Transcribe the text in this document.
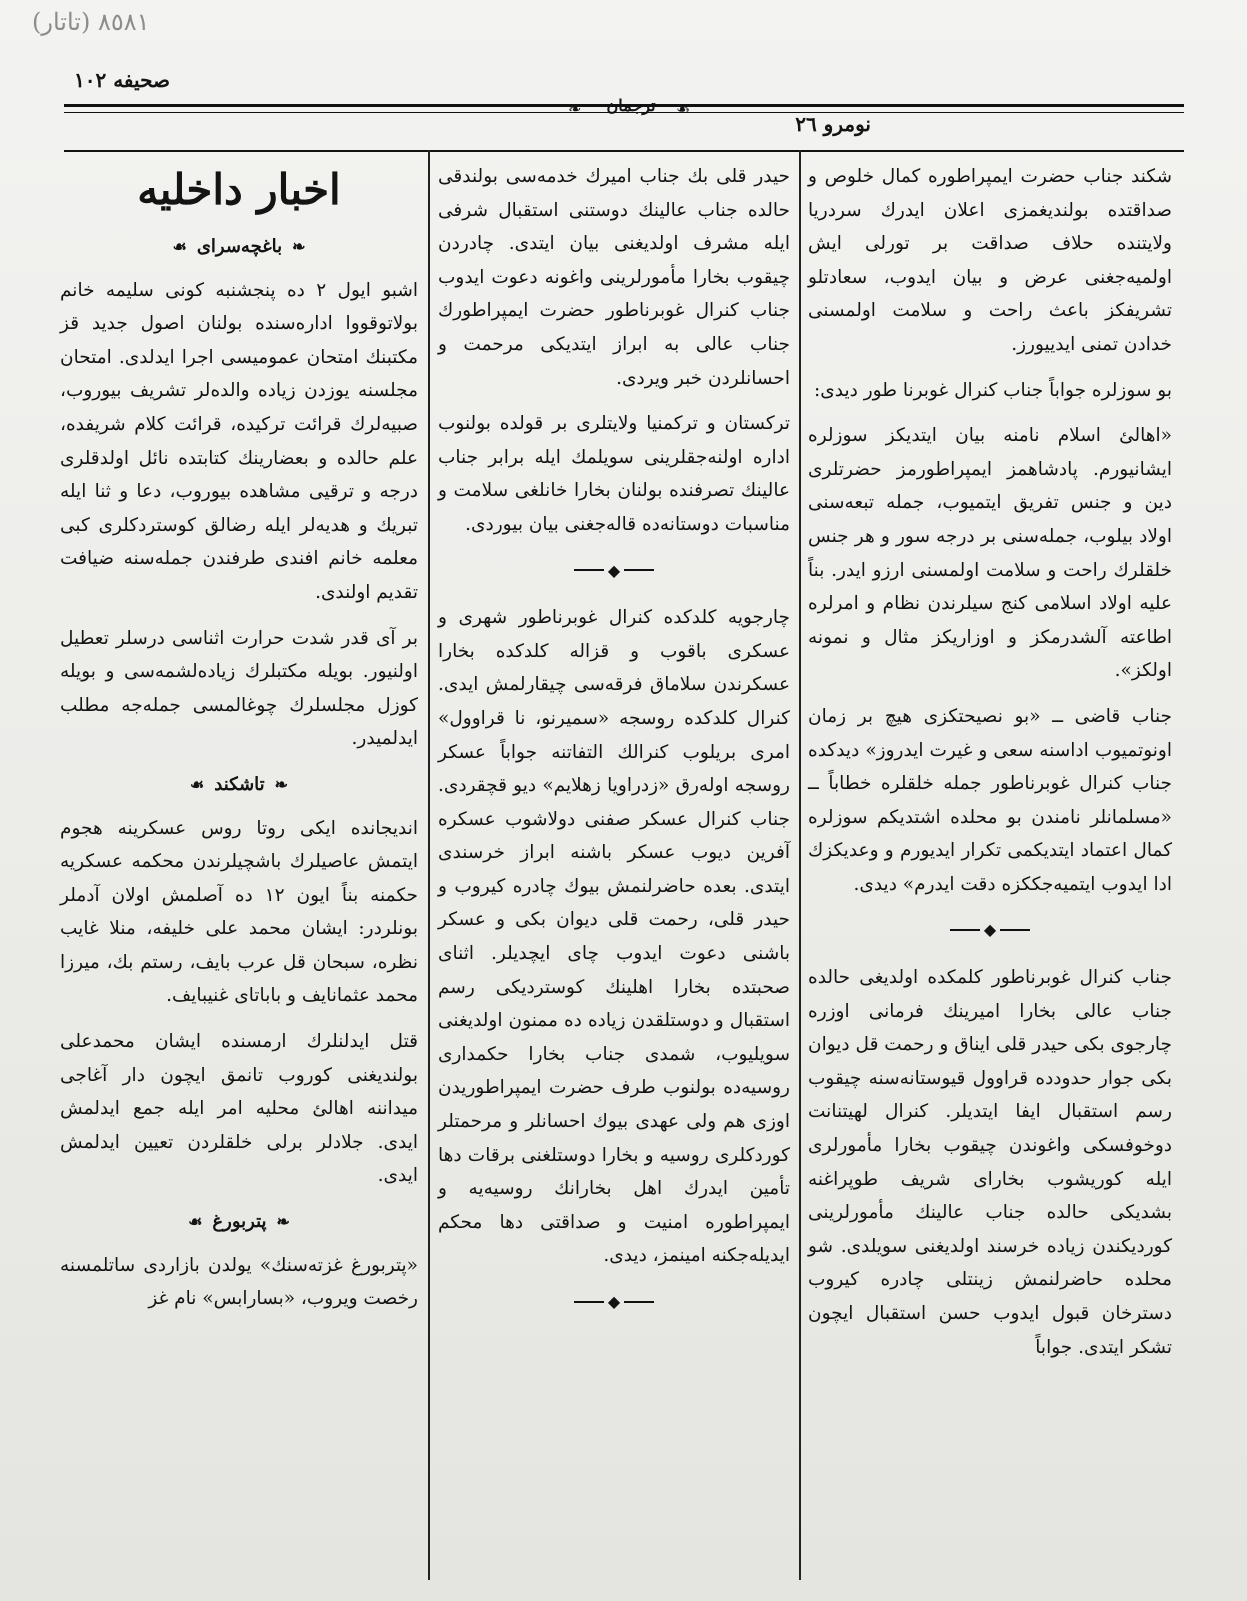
٨٥٨١ (تاتار)
صحيفه ١٠٢
❧	ترجمان	☙
نومرو ٢٦

شكند جناب حضرت ايمپراطوره كمال خلوص و صداقتده بولنديغمزى اعلان ايدرك سردريا ولايتنده حلاف صداقت بر تورلى ايش اولميه‌جغنى عرض و بيان ايدوب، سعادتلو تشريفكز باعث راحت و سلامت اولمسنى خدادن تمنى ايدييورز.

بو سوزلره جواباً جناب كنرال غوبرنا طور ديدى:

«اهالئ اسلام نامنه بيان ايتديكز سوزلره ايشانيورم. پادشاهمز ايمپراطورمز حضرتلرى دين و جنس تفريق ايتميوب، جمله تبعه‌سنى اولاد بيلوب، جمله‌سنى بر درجه سور و هر جنس خلقلرك راحت و سلامت اولمسنى ارزو ايدر. بناً عليه اولاد اسلامى كنج سيلرندن نظام و امرلره اطاعته آلشدرمكز و اوزاريكز مثال و نمونه اولكز».

جناب قاضى ــ «بو نصيحتكزى هيچ بر زمان اونوتميوب اداسنه سعى و غيرت ايدروز» ديدكده جناب كنرال غوبرناطور جمله خلقلره خطاباً ــ «مسلمانلر نامندن بو محلده اشتديكم سوزلره كمال اعتماد ايتديكمى تكرار ايديورم و وعديكزك ادا ايدوب ايتميه‌جككزه دقت ايدرم» ديدى.

◆

جناب كنرال غوبرناطور كلمكده اولديغى حالده جناب عالى بخارا اميرينك فرمانى اوزره چارجوى بكى حيدر قلى ايناق و رحمت قل ديوان بكى جوار حدودده قراوول قيوستانه‌سنه چيقوب رسم استقبال ايفا ايتديلر. كنرال لهيتنانت دوخوفسكى واغوندن چيقوب بخارا مأمورلرى ايله كوريشوب بخاراى شريف طوپراغنه بشديكى حالده جناب عالينك مأمورلرينى كورديكندن زياده خرسند اولديغنى سويلدى. شو محلده حاضرلنمش زينتلى چادره كيروب دسترخان قبول ايدوب حسن استقبال ايچون تشكر ايتدى. جواباً

حيدر قلى بك جناب اميرك خدمه‌سى بولندقى حالده جناب عالينك دوستنى استقبال شرفى ايله مشرف اولديغنى بيان ايتدى. چادردن چيقوب بخارا مأمورلرينى واغونه دعوت ايدوب جناب كنرال غوبرناطور حضرت ايمپراطورك جناب عالى به ابراز ايتديكى مرحمت و احسانلردن خبر ويردى.

تركستان و تركمنيا ولايتلرى بر قولده بولنوب اداره اولنه‌جقلرينى سويلمك ايله برابر جناب عالينك تصرفنده بولنان بخارا خانلغى سلامت و مناسبات دوستانه‌ده قاله‌جغنى بيان بيوردى.

◆

چارجويه كلدكده كنرال غوبرناطور شهرى و عسكرى باقوب و قزاله كلدكده بخارا عسكرندن سلاماق فرقه‌سى چيقارلمش ايدى. كنرال كلدكده روسجه «سميرنو، نا قراوول» امرى بريلوب كنرالك التفاتنه جواباً عسكر روسجه اوله‌رق «زدراويا زهلايم» ديو قچقردى. جناب كنرال عسكر صفنى دولاشوب عسكره آفرين ديوب عسكر باشنه ابراز خرسندى ايتدى. بعده حاضرلنمش بيوك چادره كيروب و حيدر قلى، رحمت قلى ديوان بكى و عسكر باشنى دعوت ايدوب چاى ايچديلر. اثناى صحبتده بخارا اهلينك كوسترديكى رسم استقبال و دوستلقدن زياده ده ممنون اولديغنى سويليوب، شمدى جناب بخارا حكمدارى روسيه‌ده بولنوب طرف حضرت ايمپراطوريدن اوزى هم ولى عهدى بيوك احسانلر و مرحمتلر كوردكلرى روسيه و بخارا دوستلغنى برقات دها تأمين ايدرك اهل بخارانك روسيه‌يه و ايمپراطوره امنيت و صداقتى دها محكم ايديله‌جكنه امينمز، ديدى.

◆
اخبار داخليه
❧
باغچه‌سراى
☙

اشبو ايول ٢ ده پنجشنبه كونى سليمه خانم بولاتوقووا اداره‌سنده بولنان اصول جديد قز مكتبنك امتحان عموميسى اجرا ايدلدى. امتحان مجلسنه يوزدن زياده والده‌لر تشريف بيوروب، صبيه‌لرك قرائت تركيده، قرائت كلام شريفده، علم حالده و بعضارينك كتابتده نائل اولدقلرى درجه و ترقيى مشاهده بيوروب، دعا و ثنا ايله تبريك و هديه‌لر ايله رضالق كوستردكلرى كبى معلمه خانم افندى طرفندن جمله‌سنه ضيافت تقديم اولندى.

بر آى قدر شدت حرارت اثناسى درسلر تعطيل اولنيور. بويله مكتبلرك زياده‌لشمه‌سى و بويله كوزل مجلسلرك چوغالمسى جمله‌جه مطلب ايدلميدر.

❧
تاشكند
☙

انديجانده ايكى روتا روس عسكرينه هجوم ايتمش عاصيلرك باشچيلرندن محكمه عسكريه حكمنه بناً ايون ١٢ ده آصلمش اولان آدملر بونلردر: ايشان محمد على خليفه، منلا غايب نظره، سبحان قل عرب بايف، رستم بك، ميرزا محمد عثمانايف و باباتاى غنيبايف.

قتل ايدلنلرك ارمسنده ايشان محمدعلى بولنديغنى كوروب تانمق ايچون دار آغاجى ميداننه اهالئ محليه امر ايله جمع ايدلمش ايدى. جلادلر برلى خلقلردن تعيين ايدلمش ايدى.

❧
پتربورغ
☙

«پتربورغ غزته‌سنك» يولدن بازاردى ساتلمسنه رخصت ويروب، «بسارابس» نام غز
